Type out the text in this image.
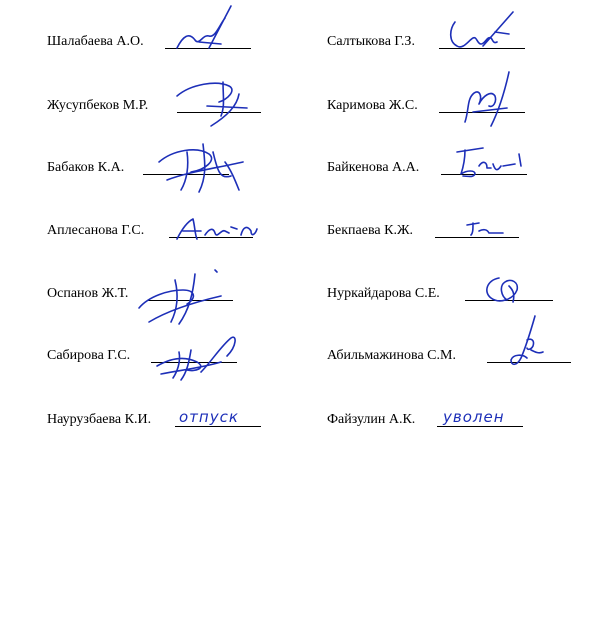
Шалабаева А.О.
Жусупбеков М.Р.
Бабаков К.А.
Аплесанова Г.С.
Оспанов Ж.Т.
Сабирова Г.С.
Наурузбаева К.И. отпуск
Салтыкова Г.З.
Каримова Ж.С.
Байкенова А.А.
Бекпаева К.Ж.
Нуркайдарова С.Е.
Абильмажинова С.М.
Файзулин А.К. уволен
